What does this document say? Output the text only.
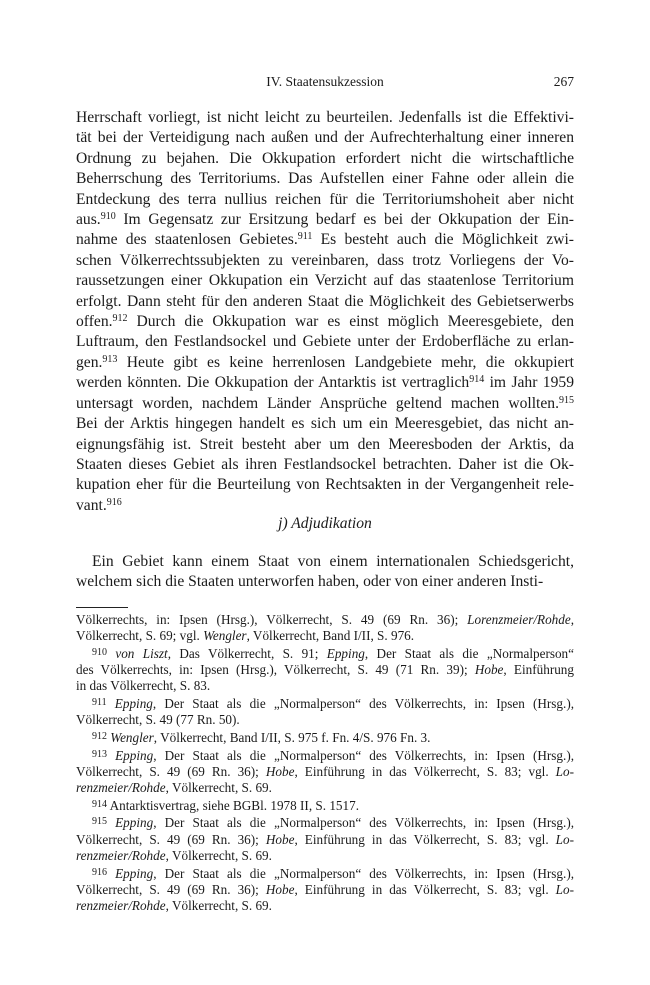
IV. Staatensukzession	267
Herrschaft vorliegt, ist nicht leicht zu beurteilen. Jedenfalls ist die Effektivi-
tät bei der Verteidigung nach außen und der Aufrechterhaltung einer inneren
Ordnung zu bejahen. Die Okkupation erfordert nicht die wirtschaftliche
Beherrschung des Territoriums. Das Aufstellen einer Fahne oder allein die
Entdeckung des terra nullius reichen für die Territoriumshoheit aber nicht
aus.$^{910}$ Im Gegensatz zur Ersitzung bedarf es bei der Okkupation der Ein-
nahme des staatenlosen Gebietes.$^{911}$ Es besteht auch die Möglichkeit zwi-
schen Völkerrechtssubjekten zu vereinbaren, dass trotz Vorliegens der Vo-
raussetzungen einer Okkupation ein Verzicht auf das staatenlose Territorium
erfolgt. Dann steht für den anderen Staat die Möglichkeit des Gebietserwerbs
offen.$^{912}$ Durch die Okkupation war es einst möglich Meeresgebiete, den
Luftraum, den Festlandsockel und Gebiete unter der Erdoberfläche zu erlan-
gen.$^{913}$ Heute gibt es keine herrenlosen Landgebiete mehr, die okkupiert
werden könnten. Die Okkupation der Antarktis ist vertraglich$^{914}$ im Jahr 1959
untersagt worden, nachdem Länder Ansprüche geltend machen wollten.$^{915}$
Bei der Arktis hingegen handelt es sich um ein Meeresgebiet, das nicht an-
eignungsfähig ist. Streit besteht aber um den Meeresboden der Arktis, da
Staaten dieses Gebiet als ihren Festlandsockel betrachten. Daher ist die Ok-
kupation eher für die Beurteilung von Rechtsakten in der Vergangenheit rele-
vant.$^{916}$
j) Adjudikation
Ein Gebiet kann einem Staat von einem internationalen Schiedsgericht,
welchem sich die Staaten unterworfen haben, oder von einer anderen Insti-
Völkerrechts, in: Ipsen (Hrsg.), Völkerrecht, S. 49 (69 Rn. 36); Lorenzmeier/Rohde,
Völkerrecht, S. 69; vgl. Wengler, Völkerrecht, Band I/II, S. 976.
$^{910}$ von Liszt, Das Völkerrecht, S. 91; Epping, Der Staat als die „Normalperson“
des Völkerrechts, in: Ipsen (Hrsg.), Völkerrecht, S. 49 (71 Rn. 39); Hobe, Einführung
in das Völkerrecht, S. 83.
$^{911}$ Epping, Der Staat als die „Normalperson“ des Völkerrechts, in: Ipsen (Hrsg.),
Völkerrecht, S. 49 (77 Rn. 50).
$^{912}$ Wengler, Völkerrecht, Band I/II, S. 975 f. Fn. 4/S. 976 Fn. 3.
$^{913}$ Epping, Der Staat als die „Normalperson“ des Völkerrechts, in: Ipsen (Hrsg.),
Völkerrecht, S. 49 (69 Rn. 36); Hobe, Einführung in das Völkerrecht, S. 83; vgl. Lo-
renzmeier/Rohde, Völkerrecht, S. 69.
$^{914}$ Antarktisvertrag, siehe BGBl. 1978 II, S. 1517.
$^{915}$ Epping, Der Staat als die „Normalperson“ des Völkerrechts, in: Ipsen (Hrsg.),
Völkerrecht, S. 49 (69 Rn. 36); Hobe, Einführung in das Völkerrecht, S. 83; vgl. Lo-
renzmeier/Rohde, Völkerrecht, S. 69.
$^{916}$ Epping, Der Staat als die „Normalperson“ des Völkerrechts, in: Ipsen (Hrsg.),
Völkerrecht, S. 49 (69 Rn. 36); Hobe, Einführung in das Völkerrecht, S. 83; vgl. Lo-
renzmeier/Rohde, Völkerrecht, S. 69.
